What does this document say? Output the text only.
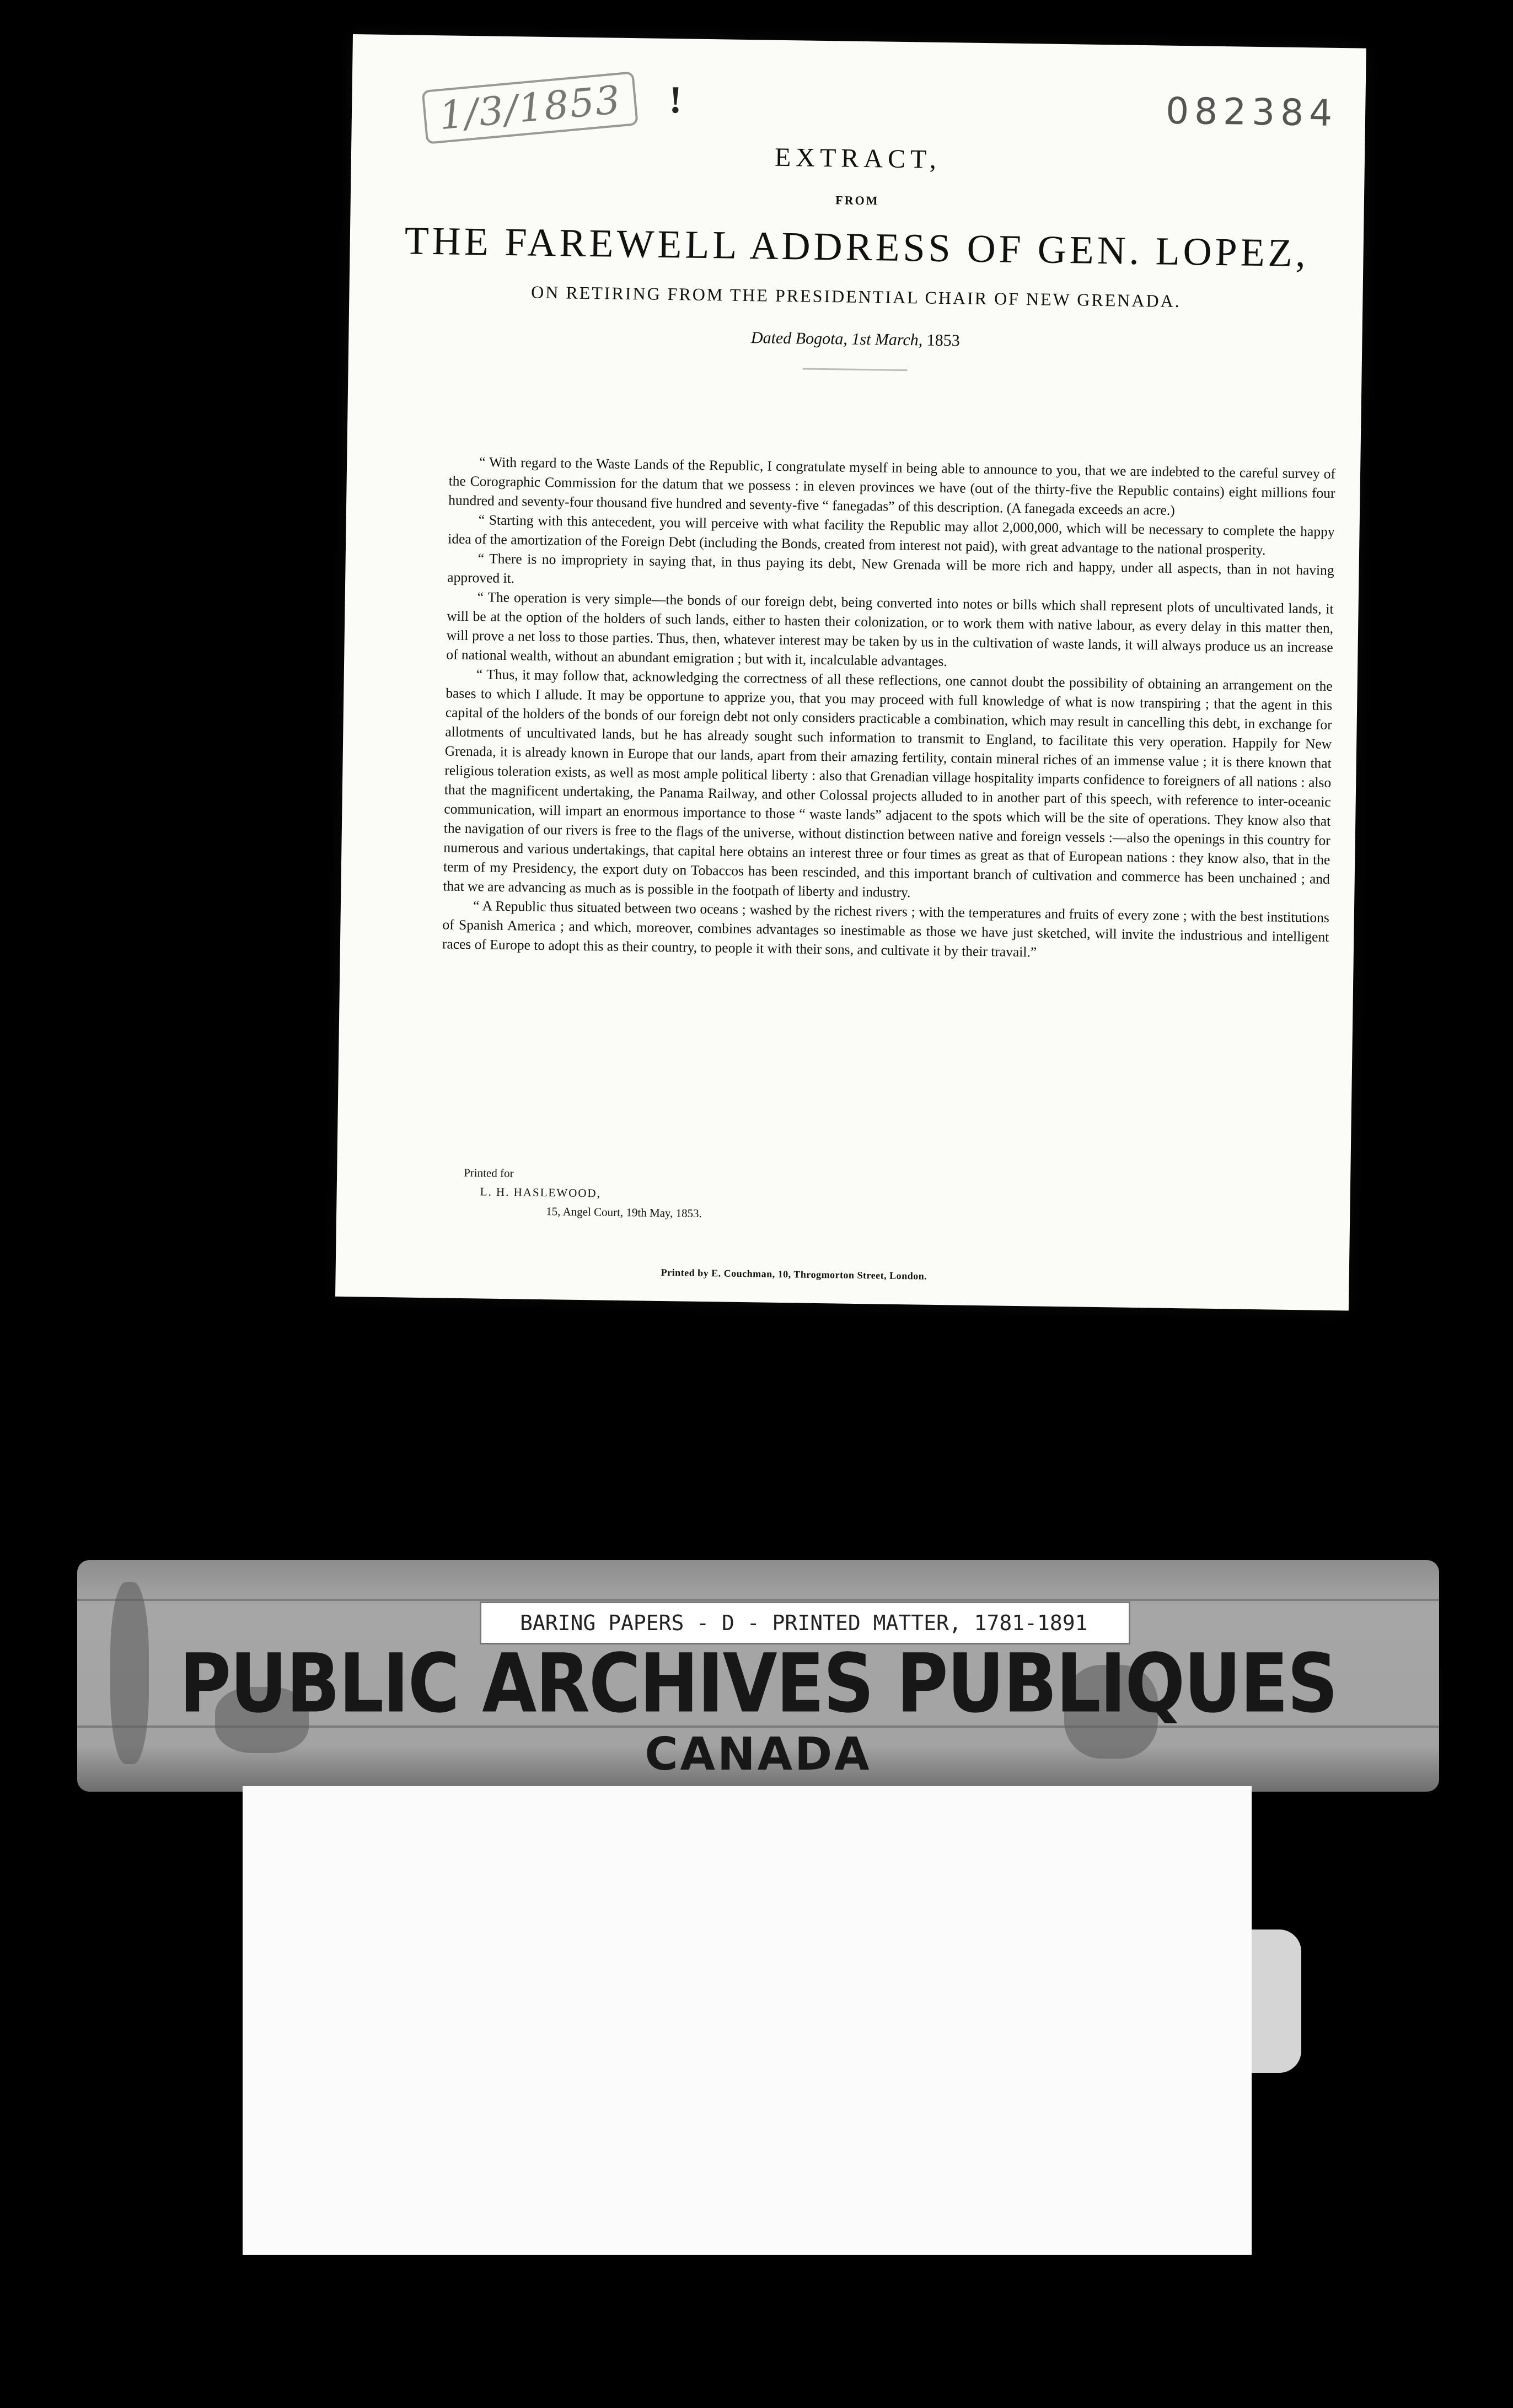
1/3/1853	!	082384
EXTRACT,
FROM
THE FAREWELL ADDRESS OF GEN. LOPEZ,
ON RETIRING FROM THE PRESIDENTIAL CHAIR OF NEW GRENADA.
Dated Bogota, 1st March, 1853

“ With regard to the Waste Lands of the Republic, I congratulate myself in being able to announce to you, that we are indebted to the careful survey of the Corographic Commission for the datum that we possess : in eleven provinces we have (out of the thirty-five the Republic contains) eight millions four hundred and seventy-four thousand five hundred and seventy-five “ fanegadas” of this description. (A fanegada exceeds an acre.)

“ Starting with this antecedent, you will perceive with what facility the Republic may allot 2,000,000, which will be necessary to complete the happy idea of the amortization of the Foreign Debt (including the Bonds, created from interest not paid), with great advantage to the national prosperity.

“ There is no impropriety in saying that, in thus paying its debt, New Grenada will be more rich and happy, under all aspects, than in not having approved it.

“ The operation is very simple—the bonds of our foreign debt, being converted into notes or bills which shall represent plots of uncultivated lands, it will be at the option of the holders of such lands, either to hasten their colonization, or to work them with native labour, as every delay in this matter then, will prove a net loss to those parties. Thus, then, whatever interest may be taken by us in the cultivation of waste lands, it will always produce us an increase of national wealth, without an abundant emigration ; but with it, incalculable advantages.

“ Thus, it may follow that, acknowledging the correctness of all these reflections, one cannot doubt the possibility of obtaining an arrangement on the bases to which I allude. It may be opportune to apprize you, that you may proceed with full knowledge of what is now transpiring ; that the agent in this capital of the holders of the bonds of our foreign debt not only considers practicable a combination, which may result in cancelling this debt, in exchange for allotments of uncultivated lands, but he has already sought such information to transmit to England, to facilitate this very operation. Happily for New Grenada, it is already known in Europe that our lands, apart from their amazing fertility, contain mineral riches of an immense value ; it is there known that religious toleration exists, as well as most ample political liberty : also that Grenadian village hospitality imparts confidence to foreigners of all nations : also that the magnificent undertaking, the Panama Railway, and other Colossal projects alluded to in another part of this speech, with reference to inter-oceanic communication, will impart an enormous importance to those “ waste lands” adjacent to the spots which will be the site of operations. They know also that the navigation of our rivers is free to the flags of the universe, without distinction between native and foreign vessels :—also the openings in this country for numerous and various undertakings, that capital here obtains an interest three or four times as great as that of European nations : they know also, that in the term of my Presidency, the export duty on Tobaccos has been rescinded, and this important branch of cultivation and commerce has been unchained ; and that we are advancing as much as is possible in the footpath of liberty and industry.

“ A Republic thus situated between two oceans ; washed by the richest rivers ; with the temperatures and fruits of every zone ; with the best institutions of Spanish America ; and which, moreover, combines advantages so inestimable as those we have just sketched, will invite the industrious and intelligent races of Europe to adopt this as their country, to people it with their sons, and cultivate it by their travail.”

Printed for
L. H. HASLEWOOD,
15, Angel Court, 19th May, 1853.
Printed by E. Couchman, 10, Throgmorton Street, London.
BARING PAPERS - D - PRINTED MATTER, 1781-1891
PUBLIC ARCHIVES PUBLIQUES
CANADA
